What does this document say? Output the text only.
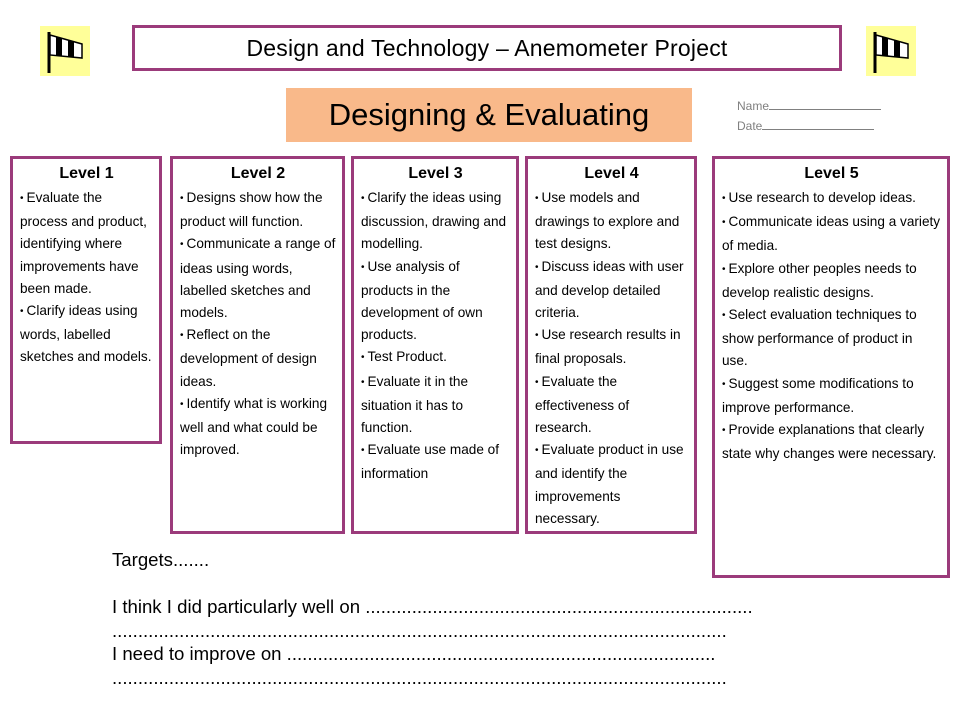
Design and Technology – Anemometer Project
Designing & Evaluating	Name
Date
Level 1
• Evaluate the process and product, identifying where improvements have been made.
• Clarify ideas using words, labelled sketches and models.
Level 2
• Designs show how the product will function.
• Communicate a range of ideas using words, labelled sketches and models.
• Reflect on the development of design ideas.
• Identify what is working well and what could be improved.
Level 3
• Clarify the ideas using discussion, drawing and modelling.
• Use analysis of products in the development of own products.
• Test Product.
• Evaluate it in the situation it has to function.
• Evaluate use made of information
Level 4
• Use models and drawings to explore and test designs.
• Discuss ideas with user and develop detailed criteria.
• Use research results in final proposals.
• Evaluate the effectiveness of research.
• Evaluate product in use and identify the improvements necessary.
Level 5
• Use research to develop ideas.
• Communicate ideas using a variety of media.
• Explore other peoples needs to develop realistic designs.
• Select evaluation techniques to show performance of product in use.
• Suggest some modifications to improve performance.
• Provide explanations that clearly state why changes were necessary.
Targets.......
I think I did particularly well on ...........................................................................
.......................................................................................................................
I need to improve on ...................................................................................
.......................................................................................................................
